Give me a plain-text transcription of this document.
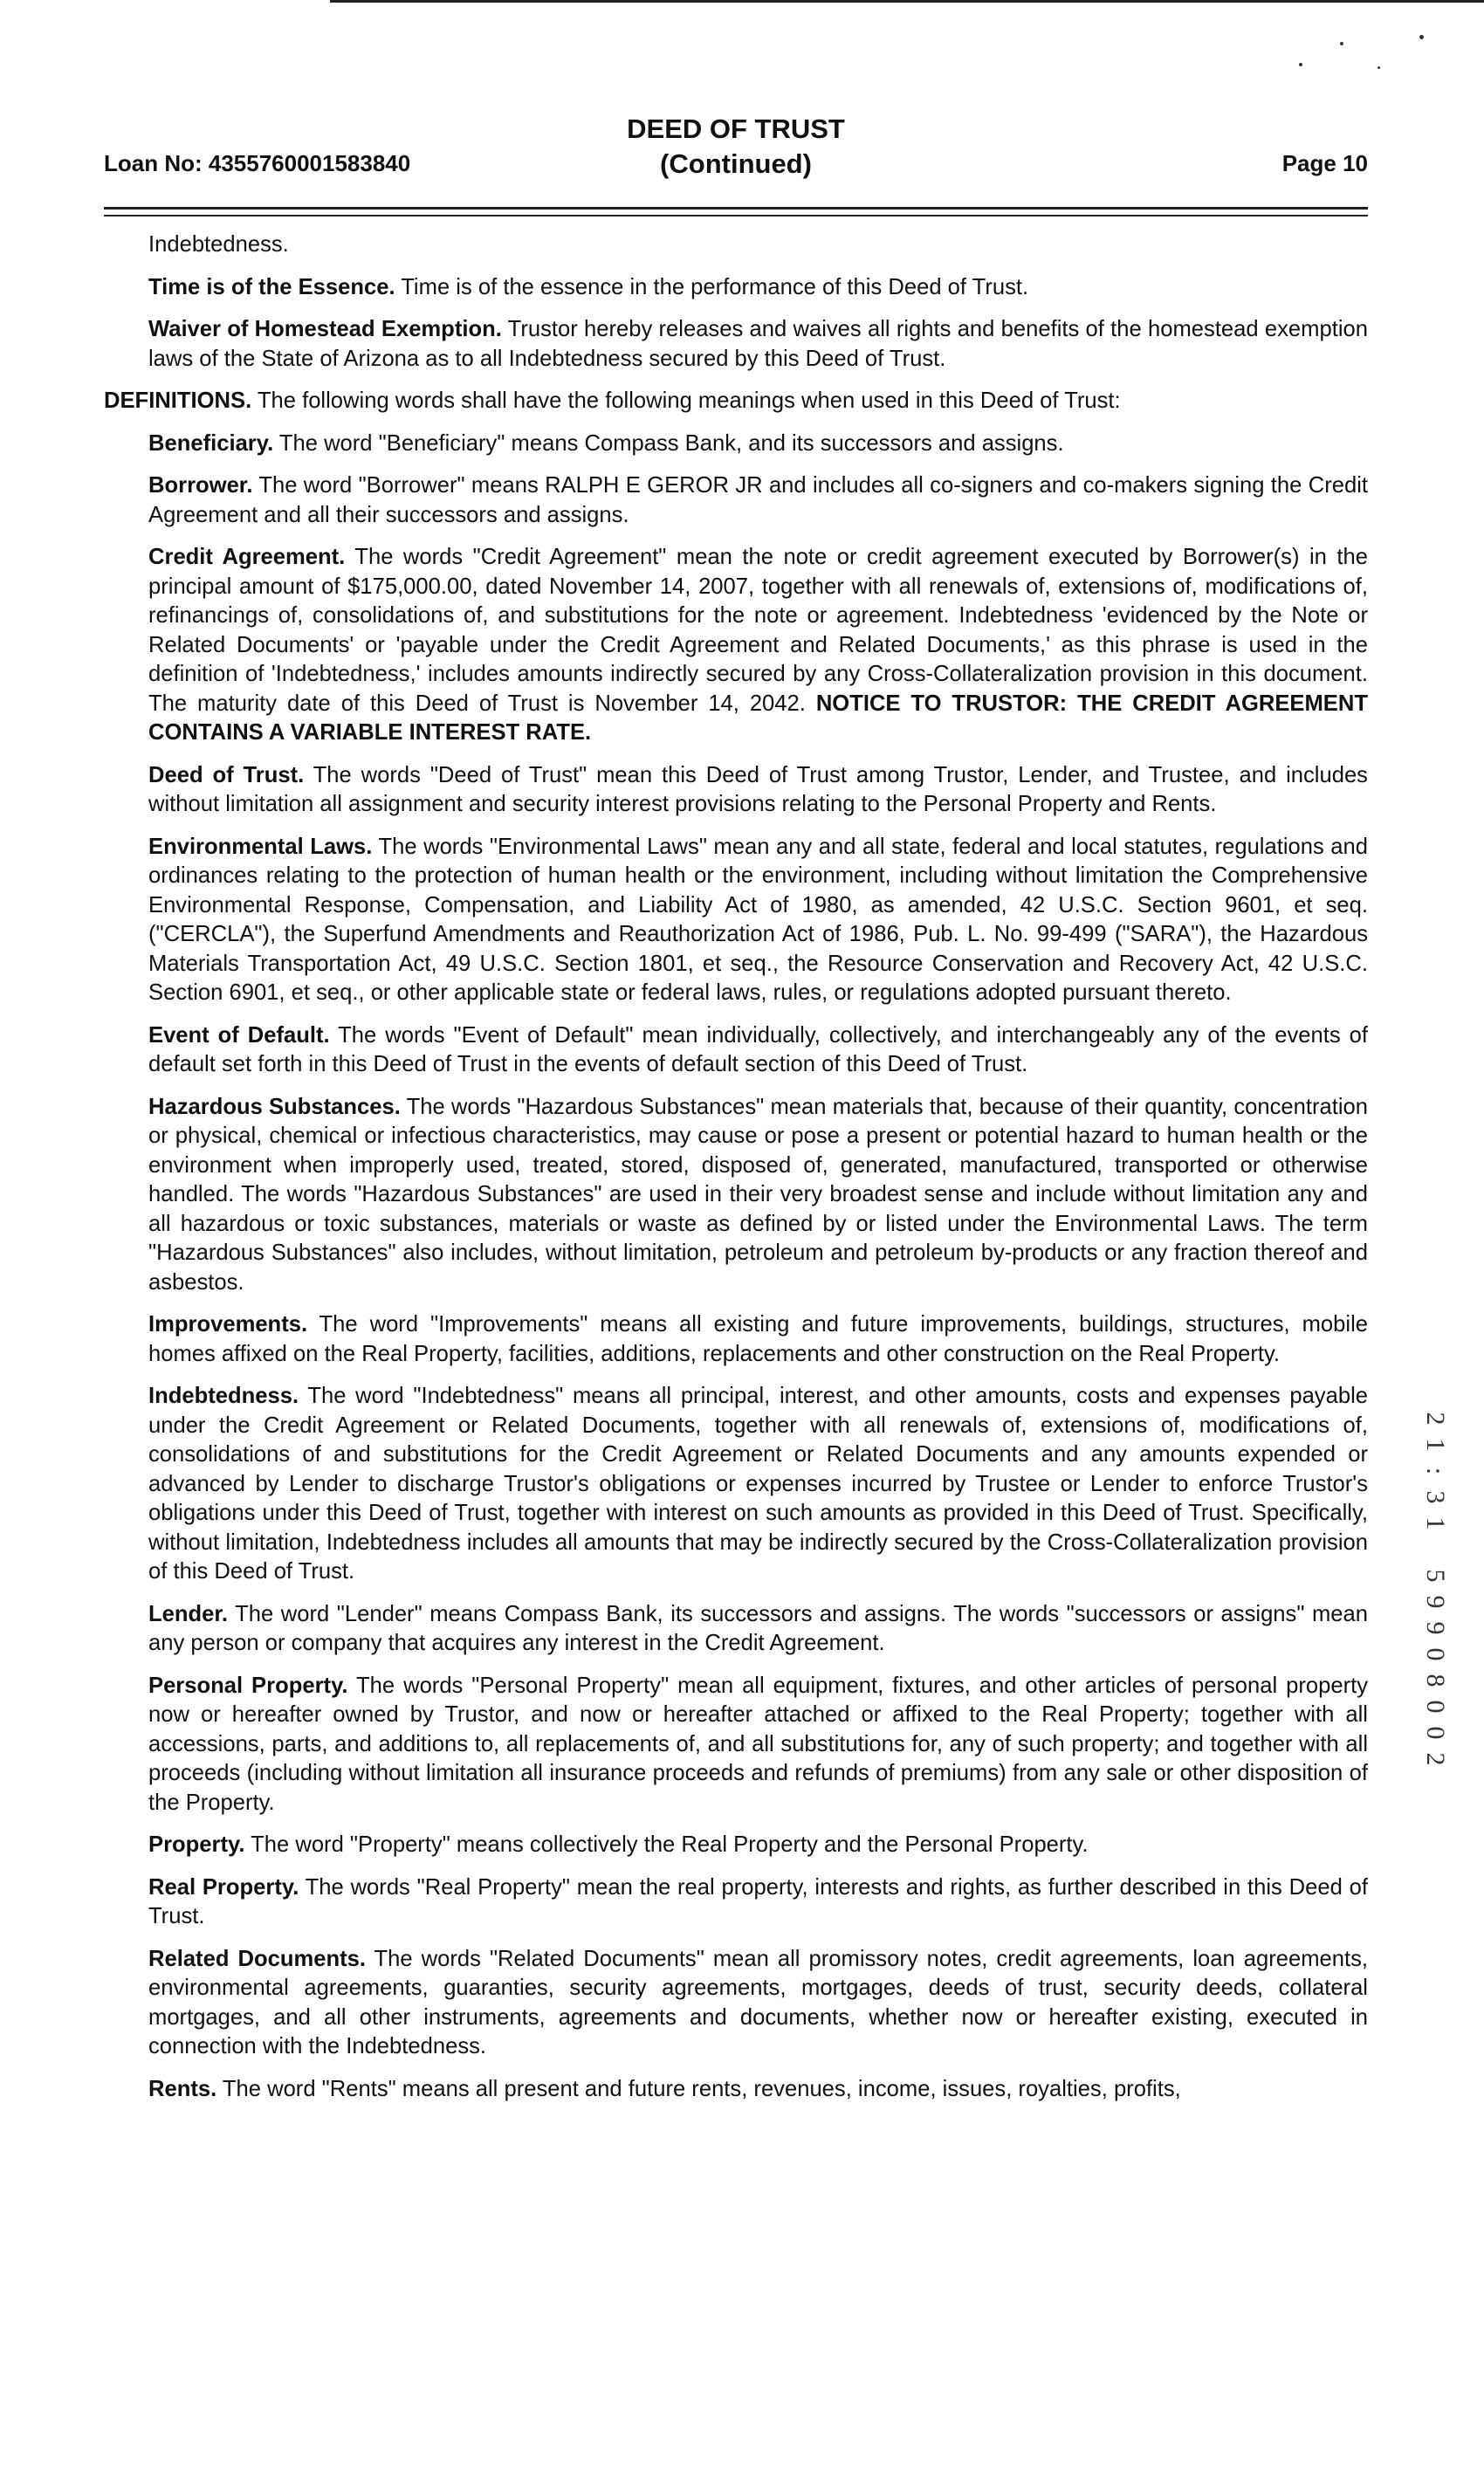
Loan No: 4355760001583840
DEED OF TRUST
(Continued)	Page 10

Indebtedness.

Time is of the Essence. Time is of the essence in the performance of this Deed of Trust.

Waiver of Homestead Exemption. Trustor hereby releases and waives all rights and benefits of the homestead exemption laws of the State of Arizona as to all Indebtedness secured by this Deed of Trust.

DEFINITIONS. The following words shall have the following meanings when used in this Deed of Trust:

Beneficiary. The word "Beneficiary" means Compass Bank, and its successors and assigns.

Borrower. The word "Borrower" means RALPH E GEROR JR and includes all co-signers and co-makers signing the Credit Agreement and all their successors and assigns.

Credit Agreement. The words "Credit Agreement" mean the note or credit agreement executed by Borrower(s) in the principal amount of $175,000.00, dated November 14, 2007, together with all renewals of, extensions of, modifications of, refinancings of, consolidations of, and substitutions for the note or agreement. Indebtedness 'evidenced by the Note or Related Documents' or 'payable under the Credit Agreement and Related Documents,' as this phrase is used in the definition of 'Indebtedness,' includes amounts indirectly secured by any Cross-Collateralization provision in this document. The maturity date of this Deed of Trust is November 14, 2042. NOTICE TO TRUSTOR: THE CREDIT AGREEMENT CONTAINS A VARIABLE INTEREST RATE.

Deed of Trust. The words "Deed of Trust" mean this Deed of Trust among Trustor, Lender, and Trustee, and includes without limitation all assignment and security interest provisions relating to the Personal Property and Rents.

Environmental Laws. The words "Environmental Laws" mean any and all state, federal and local statutes, regulations and ordinances relating to the protection of human health or the environment, including without limitation the Comprehensive Environmental Response, Compensation, and Liability Act of 1980, as amended, 42 U.S.C. Section 9601, et seq. ("CERCLA"), the Superfund Amendments and Reauthorization Act of 1986, Pub. L. No. 99-499 ("SARA"), the Hazardous Materials Transportation Act, 49 U.S.C. Section 1801, et seq., the Resource Conservation and Recovery Act, 42 U.S.C. Section 6901, et seq., or other applicable state or federal laws, rules, or regulations adopted pursuant thereto.

Event of Default. The words "Event of Default" mean individually, collectively, and interchangeably any of the events of default set forth in this Deed of Trust in the events of default section of this Deed of Trust.

Hazardous Substances. The words "Hazardous Substances" mean materials that, because of their quantity, concentration or physical, chemical or infectious characteristics, may cause or pose a present or potential hazard to human health or the environment when improperly used, treated, stored, disposed of, generated, manufactured, transported or otherwise handled. The words "Hazardous Substances" are used in their very broadest sense and include without limitation any and all hazardous or toxic substances, materials or waste as defined by or listed under the Environmental Laws. The term "Hazardous Substances" also includes, without limitation, petroleum and petroleum by-products or any fraction thereof and asbestos.

Improvements. The word "Improvements" means all existing and future improvements, buildings, structures, mobile homes affixed on the Real Property, facilities, additions, replacements and other construction on the Real Property.

Indebtedness. The word "Indebtedness" means all principal, interest, and other amounts, costs and expenses payable under the Credit Agreement or Related Documents, together with all renewals of, extensions of, modifications of, consolidations of and substitutions for the Credit Agreement or Related Documents and any amounts expended or advanced by Lender to discharge Trustor's obligations or expenses incurred by Trustee or Lender to enforce Trustor's obligations under this Deed of Trust, together with interest on such amounts as provided in this Deed of Trust. Specifically, without limitation, Indebtedness includes all amounts that may be indirectly secured by the Cross-Collateralization provision of this Deed of Trust.

Lender. The word "Lender" means Compass Bank, its successors and assigns. The words "successors or assigns" mean any person or company that acquires any interest in the Credit Agreement.

Personal Property. The words "Personal Property" mean all equipment, fixtures, and other articles of personal property now or hereafter owned by Trustor, and now or hereafter attached or affixed to the Real Property; together with all accessions, parts, and additions to, all replacements of, and all substitutions for, any of such property; and together with all proceeds (including without limitation all insurance proceeds and refunds of premiums) from any sale or other disposition of the Property.

Property. The word "Property" means collectively the Real Property and the Personal Property.

Real Property. The words "Real Property" mean the real property, interests and rights, as further described in this Deed of Trust.

Related Documents. The words "Related Documents" mean all promissory notes, credit agreements, loan agreements, environmental agreements, guaranties, security agreements, mortgages, deeds of trust, security deeds, collateral mortgages, and all other instruments, agreements and documents, whether now or hereafter existing, executed in connection with the Indebtedness.

Rents. The word "Rents" means all present and future rents, revenues, income, issues, royalties, profits,

2
1
:
3
1

5
9
9
0
8
0
0
2
